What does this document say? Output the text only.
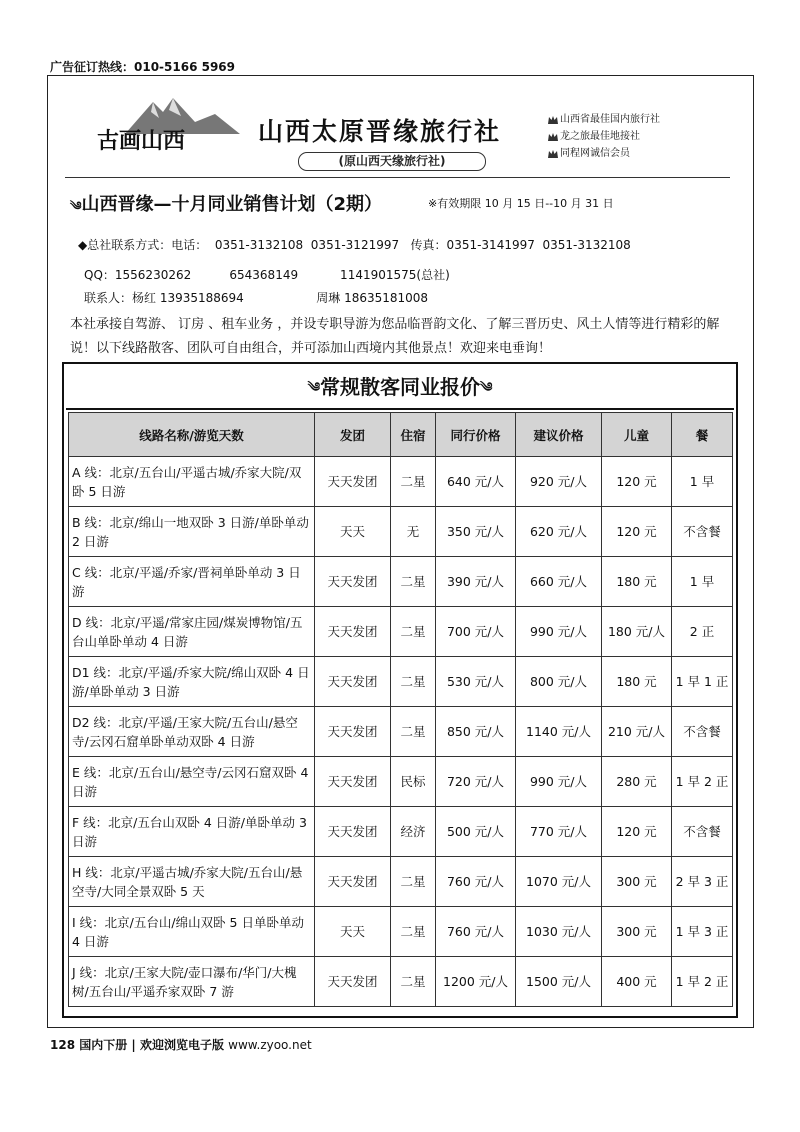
广告征订热线：010-5166 5969
古画山西	山西太原晋缘旅行社
(原山西天缘旅行社)
山西省最佳国内旅行社
龙之旅最佳地接社
同程网诚信会员
༄山西晋缘—十月同业销售计划（2期）	※有效期限 10 月 15 日--10 月 31 日
◆总社联系方式：电话：  0351-3132108  0351-3121997   传真：0351-3141997  0351-3132108
QQ：1556230262          654368149           1141901575(总社)
联系人：杨红 13935188694                   周琳 18635181008
本社承接自驾游、 订房 、租车业务 ，并设专职导游为您品临晋韵文化、了解三晋历史、风土人情等进行精彩的解说！以下线路散客、团队可自由组合，并可添加山西境内其他景点！欢迎来电垂询！
༄常规散客同业报价༄
线路名称/游览天数	发团	住宿	同行价格	建议价格	儿童	餐
A 线：北京/五台山/平遥古城/乔家大院/双卧 5 日游	天天发团	二星	640 元/人	920 元/人	120 元	1 早
B 线：北京/绵山一地双卧 3 日游/单卧单动 2 日游	天天	无	350 元/人	620 元/人	120 元	不含餐
C 线：北京/平遥/乔家/晋祠单卧单动 3 日游	天天发团	二星	390 元/人	660 元/人	180 元	1 早
D 线：北京/平遥/常家庄园/煤炭博物馆/五台山单卧单动 4 日游	天天发团	二星	700 元/人	990 元/人	180 元/人	2 正
D1 线：北京/平遥/乔家大院/绵山双卧 4 日游/单卧单动 3 日游	天天发团	二星	530 元/人	800 元/人	180 元	1 早 1 正
D2 线：北京/平遥/王家大院/五台山/悬空寺/云冈石窟单卧单动双卧 4 日游	天天发团	二星	850 元/人	1140 元/人	210 元/人	不含餐
E 线：北京/五台山/悬空寺/云冈石窟双卧 4 日游	天天发团	民标	720 元/人	990 元/人	280 元	1 早 2 正
F 线：北京/五台山双卧 4 日游/单卧单动 3 日游	天天发团	经济	500 元/人	770 元/人	120 元	不含餐
H 线：北京/平遥古城/乔家大院/五台山/悬空寺/大同全景双卧 5 天	天天发团	二星	760 元/人	1070 元/人	300 元	2 早 3 正
I 线：北京/五台山/绵山双卧 5 日单卧单动 4 日游	天天	二星	760 元/人	1030 元/人	300 元	1 早 3 正
J 线：北京/王家大院/壶口瀑布/华门/大槐树/五台山/平遥乔家双卧 7 游	天天发团	二星	1200 元/人	1500 元/人	400 元	1 早 2 正
128 国内下册 | 欢迎浏览电子版 www.zyoo.net
